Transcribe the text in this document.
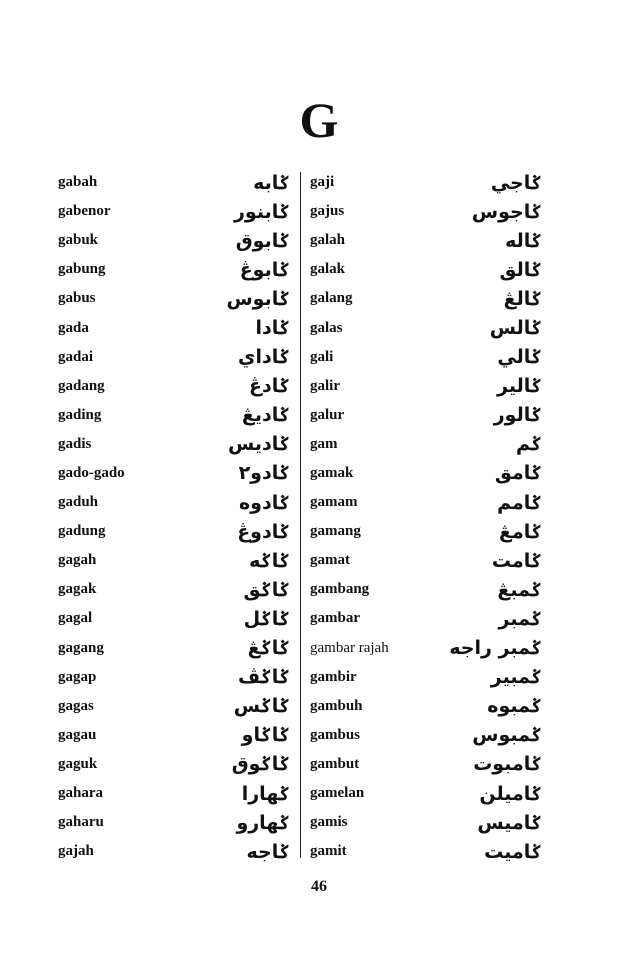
G
gabah	ݢابه
gabenor	ݢابنور
gabuk	ݢابوق
gabung	ݢابوڠ
gabus	ݢابوس
gada	ݢادا
gadai	ݢاداي
gadang	ݢادڠ
gading	ݢاديڠ
gadis	ݢاديس
gado-gado	ݢادو٢
gaduh	ݢادوه
gadung	ݢادوڠ
gagah	ݢاݢه
gagak	ݢاݢق
gagal	ݢاݢل
gagang	ݢاݢڠ
gagap	ݢاݢڤ
gagas	ݢاݢس
gagau	ݢاݢاو
gaguk	ݢاݢوق
gahara	ݢهارا
gaharu	ݢهارو
gajah	ݢاجه
gaji	ݢاجي
gajus	ݢاجوس
galah	ݢاله
galak	ݢالق
galang	ݢالڠ
galas	ݢالس
gali	ݢالي
galir	ݢالير
galur	ݢالور
gam	ݢم
gamak	ݢامق
gamam	ݢامم
gamang	ݢامڠ
gamat	ݢامت
gambang	ݢمبڠ
gambar	ݢمبر
gambar rajah	ݢمبر راجه
gambir	ݢمبير
gambuh	ݢمبوه
gambus	ݢمبوس
gambut	ݢامبوت
gamelan	ݢاميلن
gamis	ݢاميس
gamit	ݢاميت
46
